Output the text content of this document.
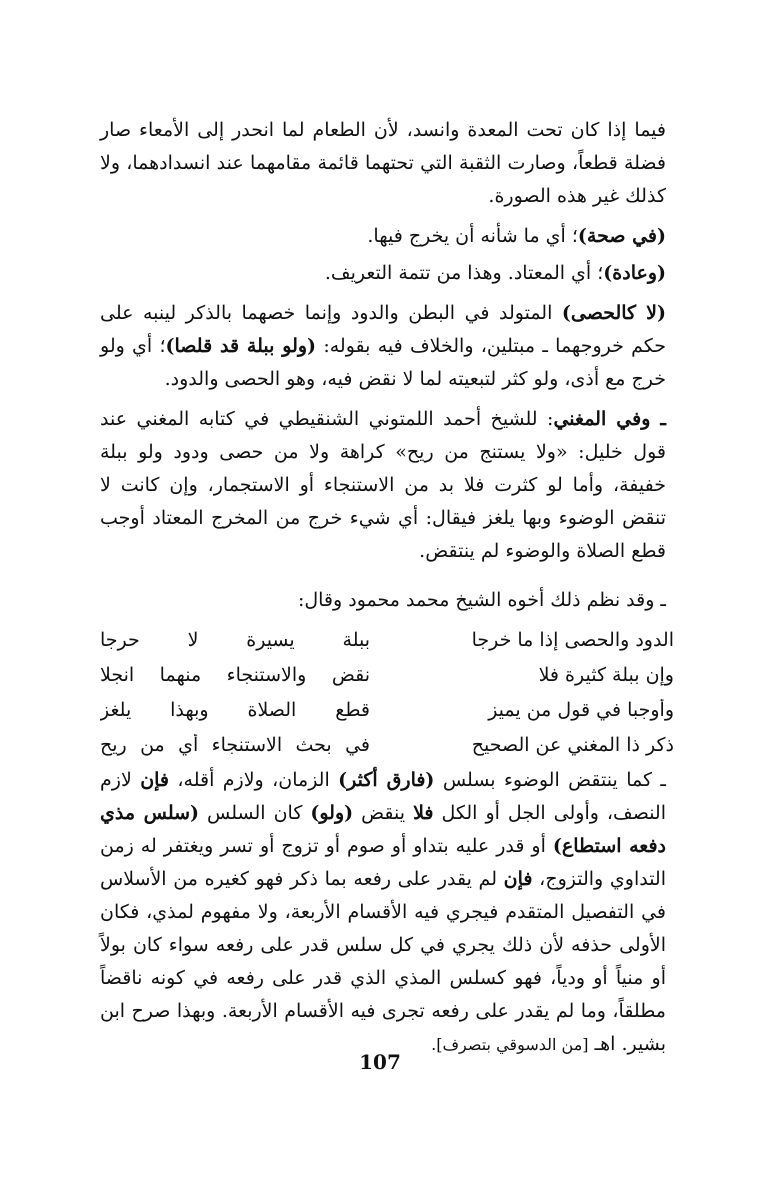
فيما إذا كان تحت المعدة وانسد، لأن الطعام لما انحدر إلى الأمعاء صار فضلة قطعاً، وصارت الثقبة التي تحتهما قائمة مقامهما عند انسدادهما، ولا كذلك غير هذه الصورة.
(في صحة)؛ أي ما شأنه أن يخرج فيها.
(وعادة)؛ أي المعتاد. وهذا من تتمة التعريف.
(لا كالحصى) المتولد في البطن والدود وإنما خصهما بالذكر لينبه على حكم خروجهما ـ مبتلين، والخلاف فيه بقوله: (ولو ببلة قد قلصا)؛ أي ولو خرج مع أذى، ولو كثر لتبعيته لما لا نقض فيه، وهو الحصى والدود.
ـ وفي المغني: للشيخ أحمد اللمتوني الشنقيطي في كتابه المغني عند قول خليل: «ولا يستنج من ريح» كراهة ولا من حصى ودود ولو ببلة خفيفة، وأما لو كثرت فلا بد من الاستنجاء أو الاستجمار، وإن كانت لا تنقض الوضوء وبها يلغز فيقال: أي شيء خرج من المخرج المعتاد أوجب قطع الصلاة والوضوء لم ينتقض.
ـ وقد نظم ذلك أخوه الشيخ محمد محمود وقال:
الدود والحصى إذا ما خرجا
ببلة يسيرة لا حرجا
وإن ببلة كثيرة فلا
نقض والاستنجاء منهما انجلا
وأوجبا في قول من يميز
قطع الصلاة وبهذا يلغز
ذكر ذا المغني عن الصحيح
في بحث الاستنجاء أي من ريح
ـ كما ينتقض الوضوء بسلس (فارق أكثر) الزمان، ولازم أقله، فإن لازم النصف، وأولى الجل أو الكل فلا ينقض (ولو) كان السلس (سلس مذي دفعه استطاع) أو قدر عليه بتداو أو صوم أو تزوج أو تسر ويغتفر له زمن التداوي والتزوج، فإن لم يقدر على رفعه بما ذكر فهو كغيره من الأسلاس في التفصيل المتقدم فيجري فيه الأقسام الأربعة، ولا مفهوم لمذي، فكان الأولى حذفه لأن ذلك يجري في كل سلس قدر على رفعه سواء كان بولاً أو منياً أو ودياً، فهو كسلس المذي الذي قدر على رفعه في كونه ناقضاً مطلقاً، وما لم يقدر على رفعه تجرى فيه الأقسام الأربعة. وبهذا صرح ابن بشير. اهـ [من الدسوقي بتصرف].
107
